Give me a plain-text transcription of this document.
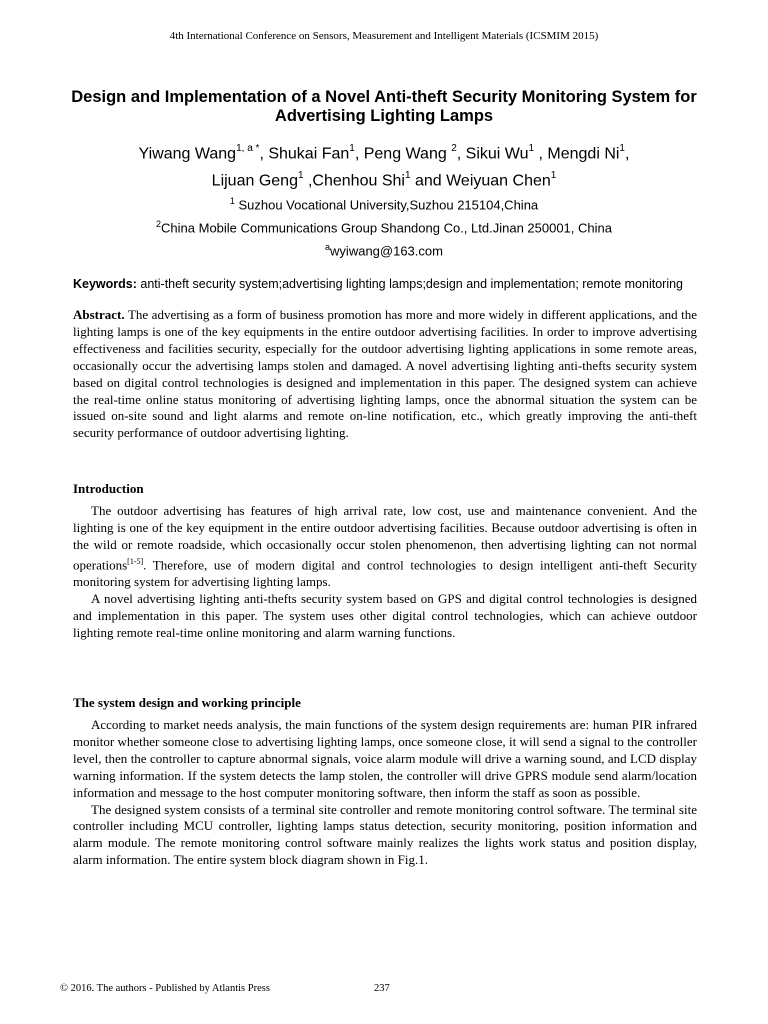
4th International Conference on Sensors, Measurement and Intelligent Materials (ICSMIM 2015)
Design and Implementation of a Novel Anti-theft Security Monitoring System for Advertising Lighting Lamps
Yiwang Wang$^{1, a *}$, Shukai Fan$^1$, Peng Wang $^2$, Sikui Wu$^1$ , Mengdi Ni$^1$,
Lijuan Geng$^1$ ,Chenhou Shi$^1$ and Weiyuan Chen$^1$
$^1$ Suzhou Vocational University,Suzhou 215104,China
$^2$China Mobile Communications Group Shandong Co., Ltd.Jinan 250001, China
$^a$wyiwang@163.com
Keywords: anti-theft security system;advertising lighting lamps;design and implementation; remote monitoring

Abstract. The advertising as a form of business promotion has more and more widely in different applications, and the lighting lamps is one of the key equipments in the entire outdoor advertising facilities. In order to improve advertising effectiveness and facilities security, especially for the outdoor advertising lighting applications in some remote areas, occasionally occur the advertising lamps stolen and damaged. A novel advertising lighting anti-thefts security system based on digital control technologies is designed and implementation in this paper. The designed system can achieve the real-time online status monitoring of advertising lighting lamps, once the abnormal situation the system can be issued on-site sound and light alarms and remote on-line notification, etc., which greatly improving the anti-theft security performance of outdoor advertising lighting.

Introduction

The outdoor advertising has features of high arrival rate, low cost, use and maintenance convenient. And the lighting is one of the key equipment in the entire outdoor advertising facilities. Because outdoor advertising is often in the wild or remote roadside, which occasionally occur stolen phenomenon, then advertising lighting can not normal operations[1-5]. Therefore, use of modern digital and control technologies to design intelligent anti-theft Security monitoring system for advertising lighting lamps.

A novel advertising lighting anti-thefts security system based on GPS and digital control technologies is designed and implementation in this paper. The system uses other digital control technologies, which can achieve outdoor lighting remote real-time online monitoring and alarm warning functions.

The system design and working principle

According to market needs analysis, the main functions of the system design requirements are: human PIR infrared monitor whether someone close to advertising lighting lamps, once someone close, it will send a signal to the controller level, then the controller to capture abnormal signals, voice alarm module will drive a warning sound, and LCD display warning information. If the system detects the lamp stolen, the controller will drive GPRS module send alarm/location information and message to the host computer monitoring software, then inform the staff as soon as possible.

The designed system consists of a terminal site controller and remote monitoring control software. The terminal site controller including MCU controller, lighting lamps status detection, security monitoring, position information and alarm module. The remote monitoring control software mainly realizes the lights work status and position display, alarm information. The entire system block diagram shown in Fig.1.

© 2016. The authors - Published by Atlantis Press	237
